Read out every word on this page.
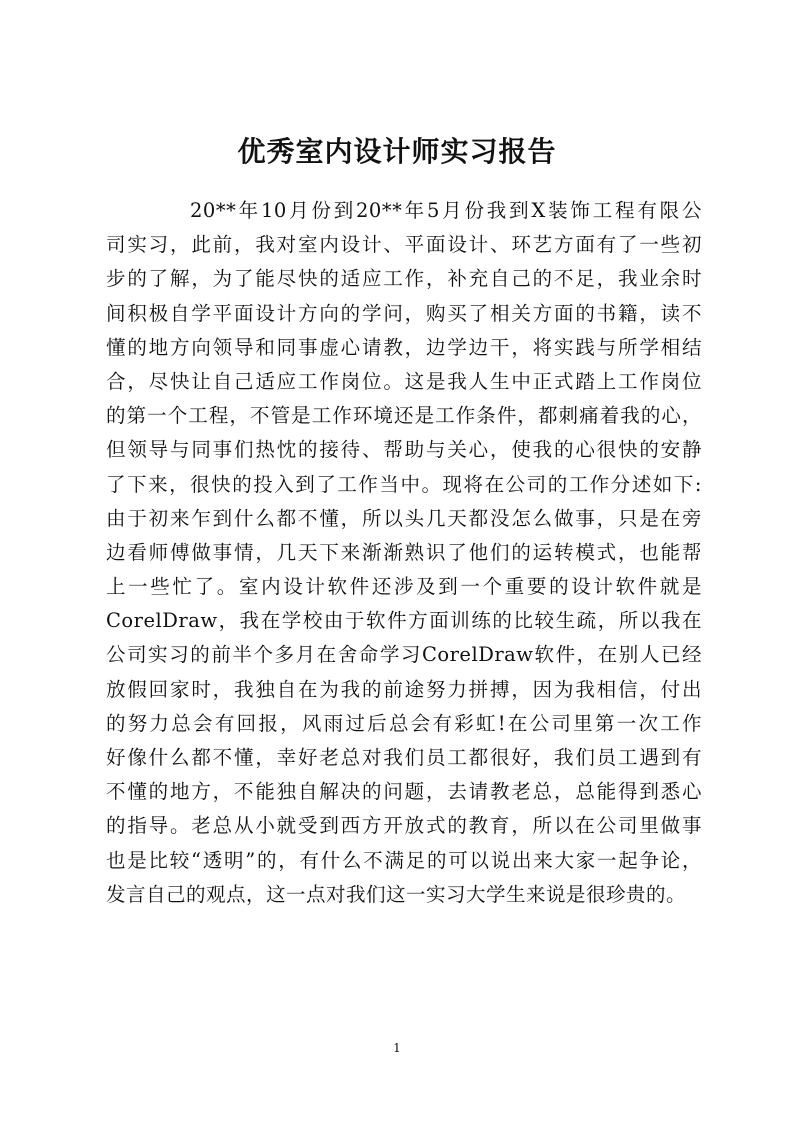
优秀室内设计师实习报告
20**年10月份到20**年5月份我到X装饰工程有限公
司实习，此前，我对室内设计、平面设计、环艺方面有了一些初
步的了解，为了能尽快的适应工作，补充自己的不足，我业余时
间积极自学平面设计方向的学问，购买了相关方面的书籍，读不
懂的地方向领导和同事虚心请教，边学边干，将实践与所学相结
合，尽快让自己适应工作岗位。这是我人生中正式踏上工作岗位
的第一个工程，不管是工作环境还是工作条件，都刺痛着我的心，
但领导与同事们热忱的接待、帮助与关心，使我的心很快的安静
了下来，很快的投入到了工作当中。现将在公司的工作分述如下:
由于初来乍到什么都不懂，所以头几天都没怎么做事，只是在旁
边看师傅做事情，几天下来渐渐熟识了他们的运转模式，也能帮
上一些忙了。室内设计软件还涉及到一个重要的设计软件就是
CorelDraw，我在学校由于软件方面训练的比较生疏，所以我在
公司实习的前半个多月在舍命学习CorelDraw软件，在别人已经
放假回家时，我独自在为我的前途努力拼搏，因为我相信，付出
的努力总会有回报，风雨过后总会有彩虹!在公司里第一次工作
好像什么都不懂，幸好老总对我们员工都很好，我们员工遇到有
不懂的地方，不能独自解决的问题，去请教老总，总能得到悉心
的指导。老总从小就受到西方开放式的教育，所以在公司里做事
也是比较“透明”的，有什么不满足的可以说出来大家一起争论，
发言自己的观点，这一点对我们这一实习大学生来说是很珍贵的。
1
